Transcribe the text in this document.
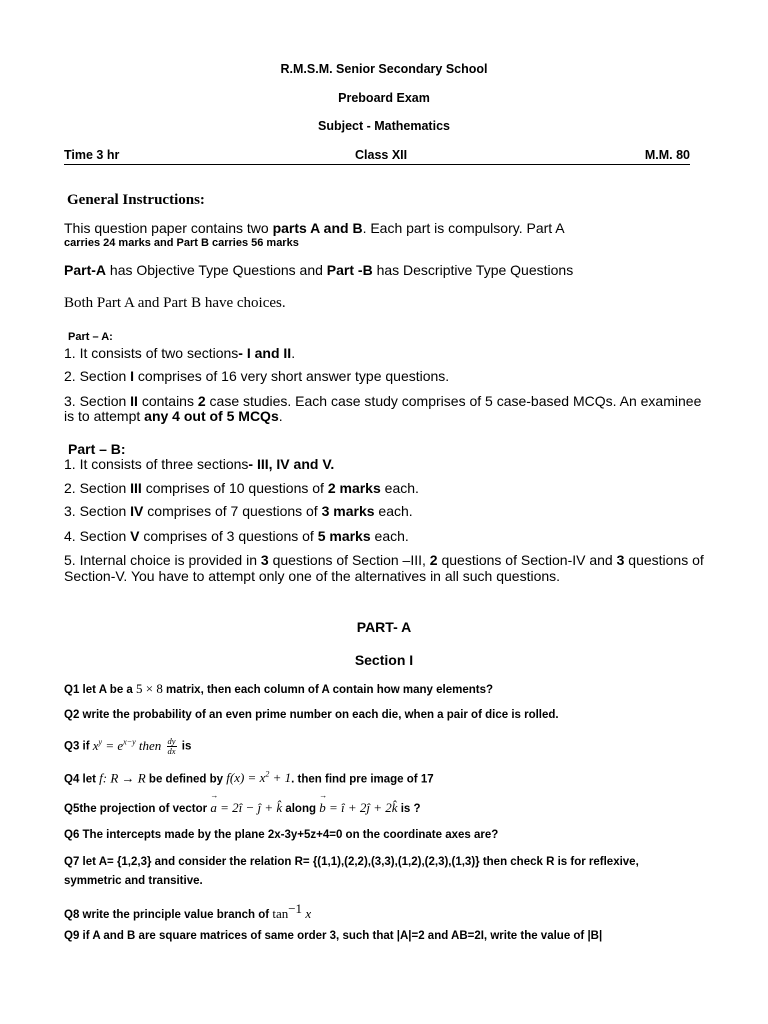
R.M.S.M. Senior Secondary School
Preboard Exam
Subject - Mathematics
Time 3 hr	Class XII	M.M. 80
General Instructions:
This question paper contains two parts A and B. Each part is compulsory. Part A
carries 24 marks and Part B carries 56 marks
Part-A has Objective Type Questions and Part -B has Descriptive Type Questions
Both Part A and Part B have choices.
Part – A:
1. It consists of two sections- I and II.
2. Section I comprises of 16 very short answer type questions.
3. Section II contains 2 case studies. Each case study comprises of 5 case-based MCQs. An examinee
is to attempt any 4 out of 5 MCQs.
Part – B:
1. It consists of three sections- III, IV and V.
2. Section III comprises of 10 questions of 2 marks each.
3. Section IV comprises of 7 questions of 3 marks each.
4. Section V comprises of 3 questions of 5 marks each.
5. Internal choice is provided in 3 questions of Section –III, 2 questions of Section-IV and 3 questions of
Section-V. You have to attempt only one of the alternatives in all such questions.
PART- A
Section I
Q1 let A be a 5 × 8 matrix, then each column of A contain how many elements?
Q2 write the probability of an even prime number on each die, when a pair of dice is rolled.
Q3 if $x^y = e^{x-y}$ then $\frac{dy}{dx}$ is
Q4 let f: R → R be defined by $f(x) = x^2 + 1$. then find pre image of 17
Q5the projection of vector → a = 2î − ĵ + k̂ along → b = î + 2ĵ + 2k̂ is ?
Q6 The intercepts made by the plane 2x-3y+5z+4=0 on the coordinate axes are?
Q7 let A= {1,2,3} and consider the relation R= {(1,1),(2,2),(3,3),(1,2),(2,3),(1,3)} then check R is for reflexive,
symmetric and transitive.
Q8 write the principle value branch of $\tan^{-1} x$
Q9 if A and B are square matrices of same order 3, such that |A|=2 and AB=2I, write the value of |B|
